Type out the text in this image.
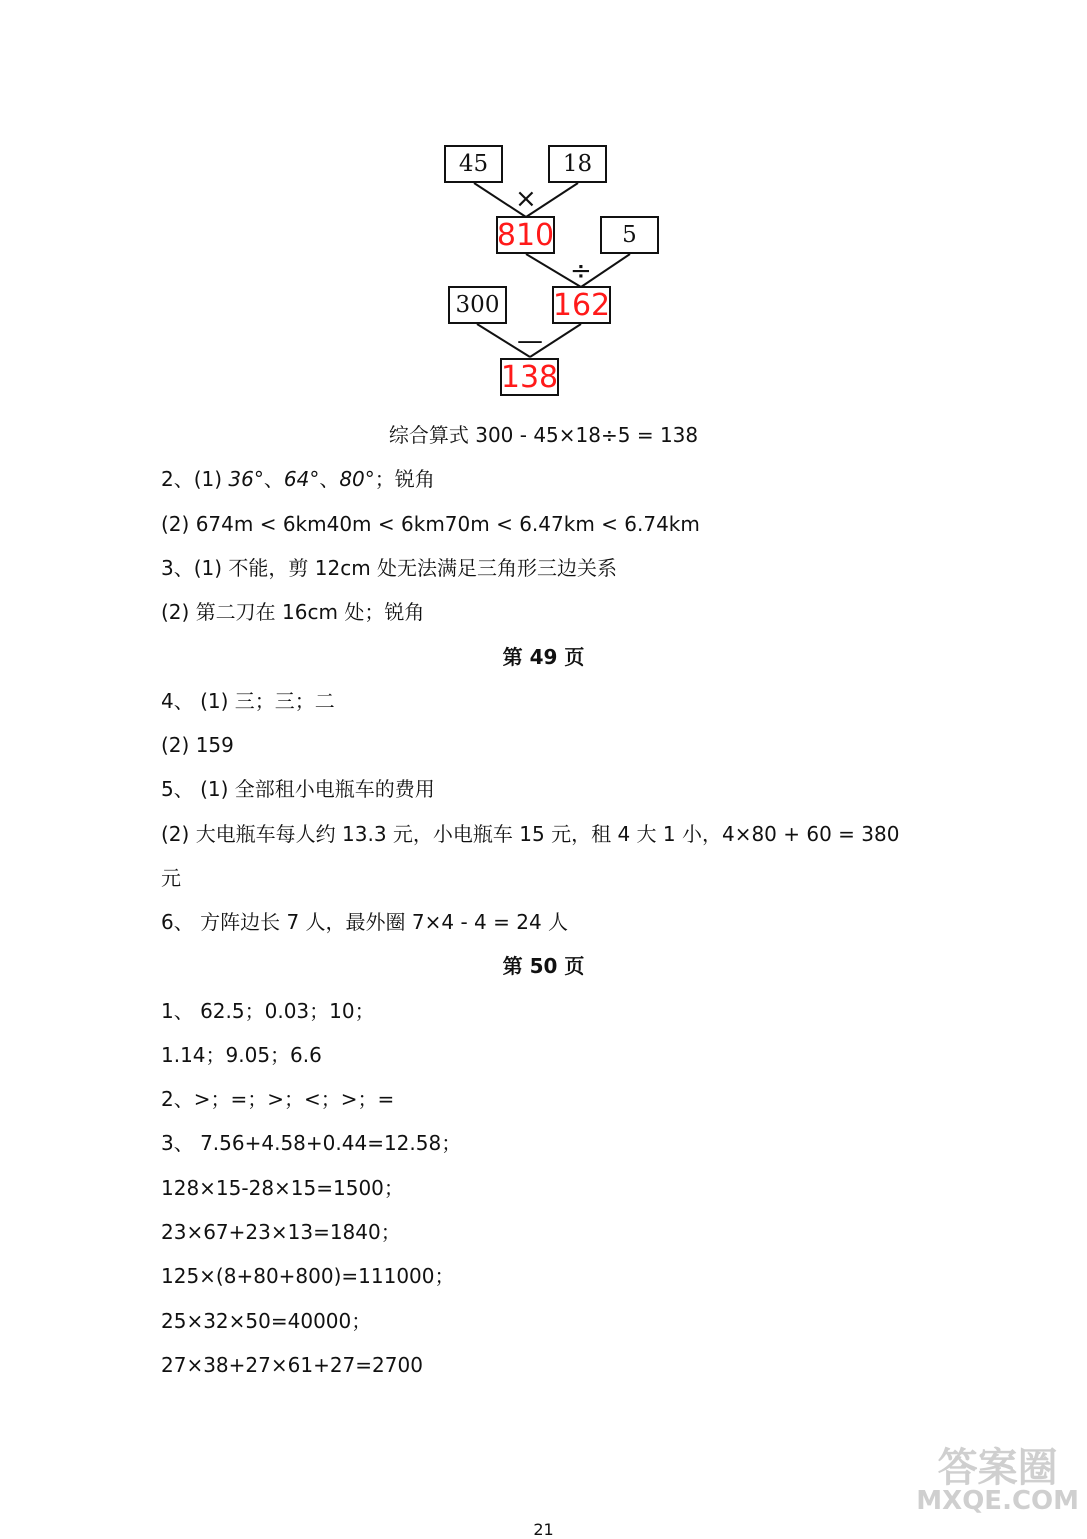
45	18
×
810	5
÷
300 162
—
138
综合算式 300 - 45×18÷5 = 138
2、(1) 36°、64°、80°；锐角
(2) 674m < 6km40m < 6km70m < 6.47km < 6.74km
3、(1) 不能，剪 12cm 处无法满足三角形三边关系
(2) 第二刀在 16cm 处；锐角
第 49 页
4、 (1) 三；三；二
(2) 159
5、 (1) 全部租小电瓶车的费用
(2) 大电瓶车每人约 13.3 元，小电瓶车 15 元，租 4 大 1 小，4×80 + 60 = 380
元
6、 方阵边长 7 人，最外圈 7×4 - 4 = 24 人
第 50 页
1、 62.5；0.03；10；
1.14；9.05；6.6
2、>；=；>；<；>；=
3、 7.56+4.58+0.44=12.58；
128×15-28×15=1500；
23×67+23×13=1840；
125×(8+80+800)=111000；
25×32×50=40000；
27×38+27×61+27=2700
答案圈
MXQE.COM
21
